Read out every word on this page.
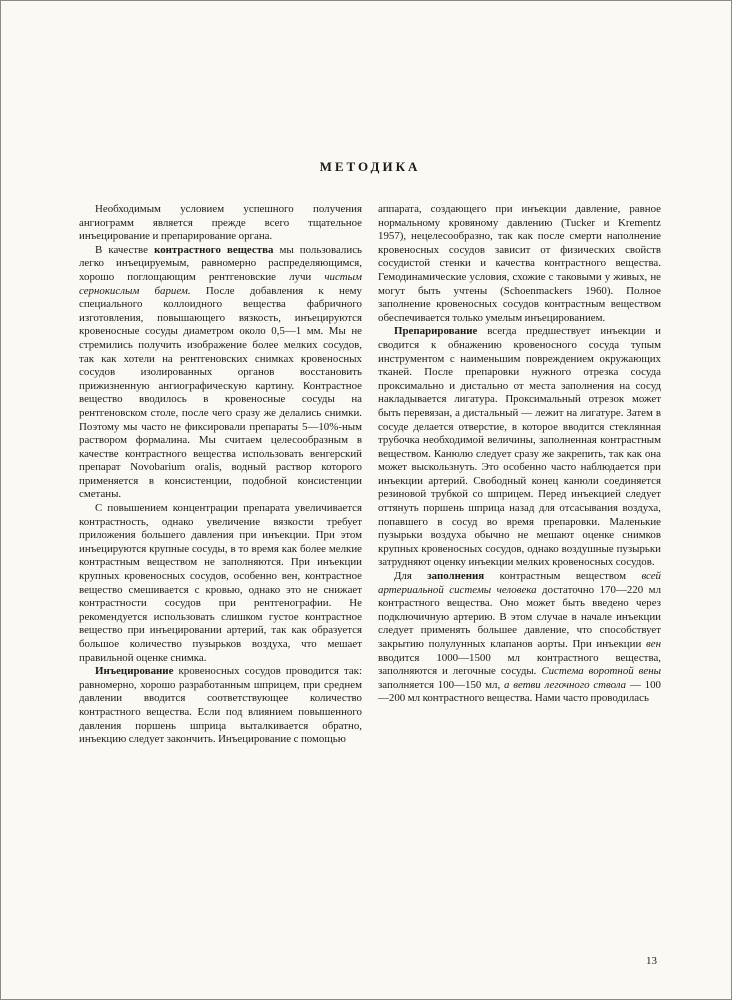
МЕТОДИКА

Необходимым условием успешного получения ангиограмм является прежде всего тщательное инъецирование и препарирование органа.

В качестве контрастного вещества мы пользовались легко инъецируемым, равномерно распределяющимся, хорошо поглощающим рентгеновские лучи чистым сернокислым барием. После добавления к нему специального коллоидного вещества фабричного изготовления, повышающего вязкость, инъецируются кровеносные сосуды диаметром около 0,5—1 мм. Мы не стремились получить изображение более мелких сосудов, так как хотели на рентгеновских снимках кровеносных сосудов изолированных органов восстановить прижизненную ангиографическую картину. Контрастное вещество вводилось в кровеносные сосуды на рентгеновском столе, после чего сразу же делались снимки. Поэтому мы часто не фиксировали препараты 5—10%-ным раствором формалина. Мы считаем целесообразным в качестве контрастного вещества использовать венгерский препарат Novobarium oralis, водный раствор которого применяется в консистенции, подобной консистенции сметаны.

С повышением концентрации препарата увеличивается контрастность, однако увеличение вязкости требует приложения большего давления при инъекции. При этом инъецируются крупные сосуды, в то время как более мелкие контрастным веществом не заполняются. При инъекции крупных кровеносных сосудов, особенно вен, контрастное вещество смешивается с кровью, однако это не снижает контрастности сосудов при рентгенографии. Не рекомендуется использовать слишком густое контрастное вещество при инъецировании артерий, так как образуется большое количество пузырьков воздуха, что мешает правильной оценке снимка.

Инъецирование кровеносных сосудов проводится так: равномерно, хорошо разработанным шприцем, при среднем давлении вводится соответствующее количество контрастного вещества. Если под влиянием повышенного давления поршень шприца выталкивается обратно, инъекцию следует закончить. Инъецирование с помощью

аппарата, создающего при инъекции давление, равное нормальному кровяному давлению (Tucker и Krementz 1957), нецелесообразно, так как после смерти наполнение кровеносных сосудов зависит от физических свойств сосудистой стенки и качества контрастного вещества. Гемодинамические условия, схожие с таковыми у живых, не могут быть учтены (Schoenmackers 1960). Полное заполнение кровеносных сосудов контрастным веществом обеспечивается только умелым инъецированием.

Препарирование всегда предшествует инъекции и сводится к обнажению кровеносного сосуда тупым инструментом с наименьшим повреждением окружающих тканей. После препаровки нужного отрезка сосуда проксимально и дистально от места заполнения на сосуд накладывается лигатура. Проксимальный отрезок может быть перевязан, а дистальный — лежит на лигатуре. Затем в сосуде делается отверстие, в которое вводится стеклянная трубочка необходимой величины, заполненная контрастным веществом. Канюлю следует сразу же закрепить, так как она может выскользнуть. Это особенно часто наблюдается при инъекции артерий. Свободный конец канюли соединяется резиновой трубкой со шприцем. Перед инъекцией следует оттянуть поршень шприца назад для отсасывания воздуха, попавшего в сосуд во время препаровки. Маленькие пузырьки воздуха обычно не мешают оценке снимков крупных кровеносных сосудов, однако воздушные пузырьки затрудняют оценку инъекции мелких кровеносных сосудов.

Для заполнения контрастным веществом всей артериальной системы человека достаточно 170—220 мл контрастного вещества. Оно может быть введено через подключичную артерию. В этом случае в начале инъекции следует применять большее давление, что способствует закрытию полулунных клапанов аорты. При инъекции вен вводится 1000—1500 мл контрастного вещества, заполняются и легочные сосуды. Система воротной вены заполняется 100—150 мл, а ветви легочного ствола — 100—200 мл контрастного вещества. Нами часто проводилась

13
